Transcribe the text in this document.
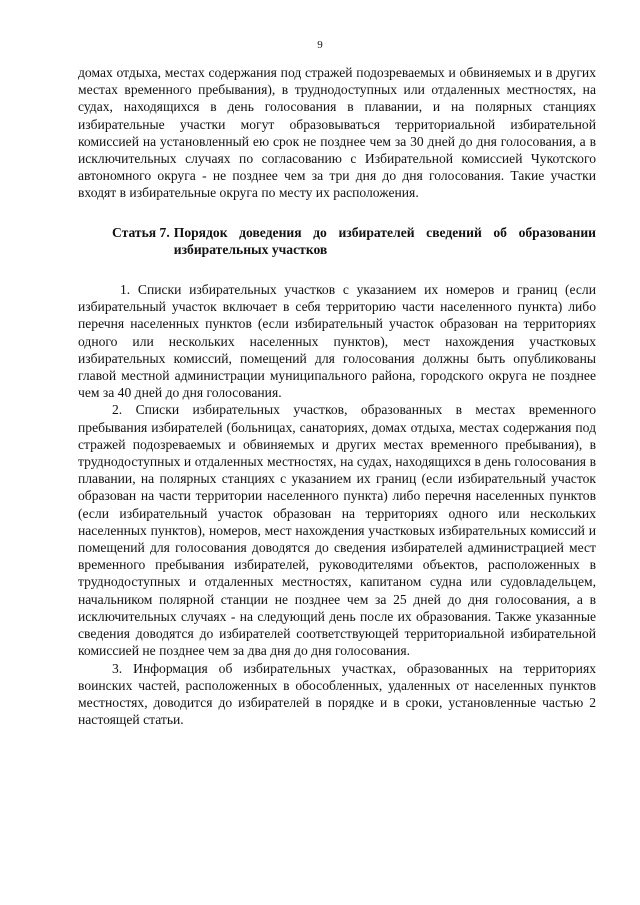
9

домах отдыха, местах содержания под стражей подозреваемых и обвиняемых и в других местах временного пребывания), в труднодоступных или отдаленных местностях, на судах, находящихся в день голосования в плавании, и на полярных станциях избирательные участки могут образовываться территориальной избирательной комиссией на установленный ею срок не позднее чем за 30 дней до дня голосования, а в исключительных случаях по согласованию с Избирательной комиссией Чукотского автономного округа - не позднее чем за три дня до дня голосования. Такие участки входят в избирательные округа по месту их расположения.

Статья 7. Порядок доведения до избирателей сведений об образовании избирательных участков

1. Списки избирательных участков с указанием их номеров и границ (если избирательный участок включает в себя территорию части населенного пункта) либо перечня населенных пунктов (если избирательный участок образован на территориях одного или нескольких населенных пунктов), мест нахождения участковых избирательных комиссий, помещений для голосования должны быть опубликованы главой местной администрации муниципального района, городского округа не позднее чем за 40 дней до дня голосования.

2. Списки избирательных участков, образованных в местах временного пребывания избирателей (больницах, санаториях, домах отдыха, местах содержания под стражей подозреваемых и обвиняемых и других местах временного пребывания), в труднодоступных и отдаленных местностях, на судах, находящихся в день голосования в плавании, на полярных станциях с указанием их границ (если избирательный участок образован на части территории населенного пункта) либо перечня населенных пунктов (если избирательный участок образован на территориях одного или нескольких населенных пунктов), номеров, мест нахождения участковых избирательных комиссий и помещений для голосования доводятся до сведения избирателей администрацией мест временного пребывания избирателей, руководителями объектов, расположенных в труднодоступных и отдаленных местностях, капитаном судна или судовладельцем, начальником полярной станции не позднее чем за 25 дней до дня голосования, а в исключительных случаях - на следующий день после их образования. Также указанные сведения доводятся до избирателей соответствующей территориальной избирательной комиссией не позднее чем за два дня до дня голосования.

3. Информация об избирательных участках, образованных на территориях воинских частей, расположенных в обособленных, удаленных от населенных пунктов местностях, доводится до избирателей в порядке и в сроки, установленные частью 2 настоящей статьи.
